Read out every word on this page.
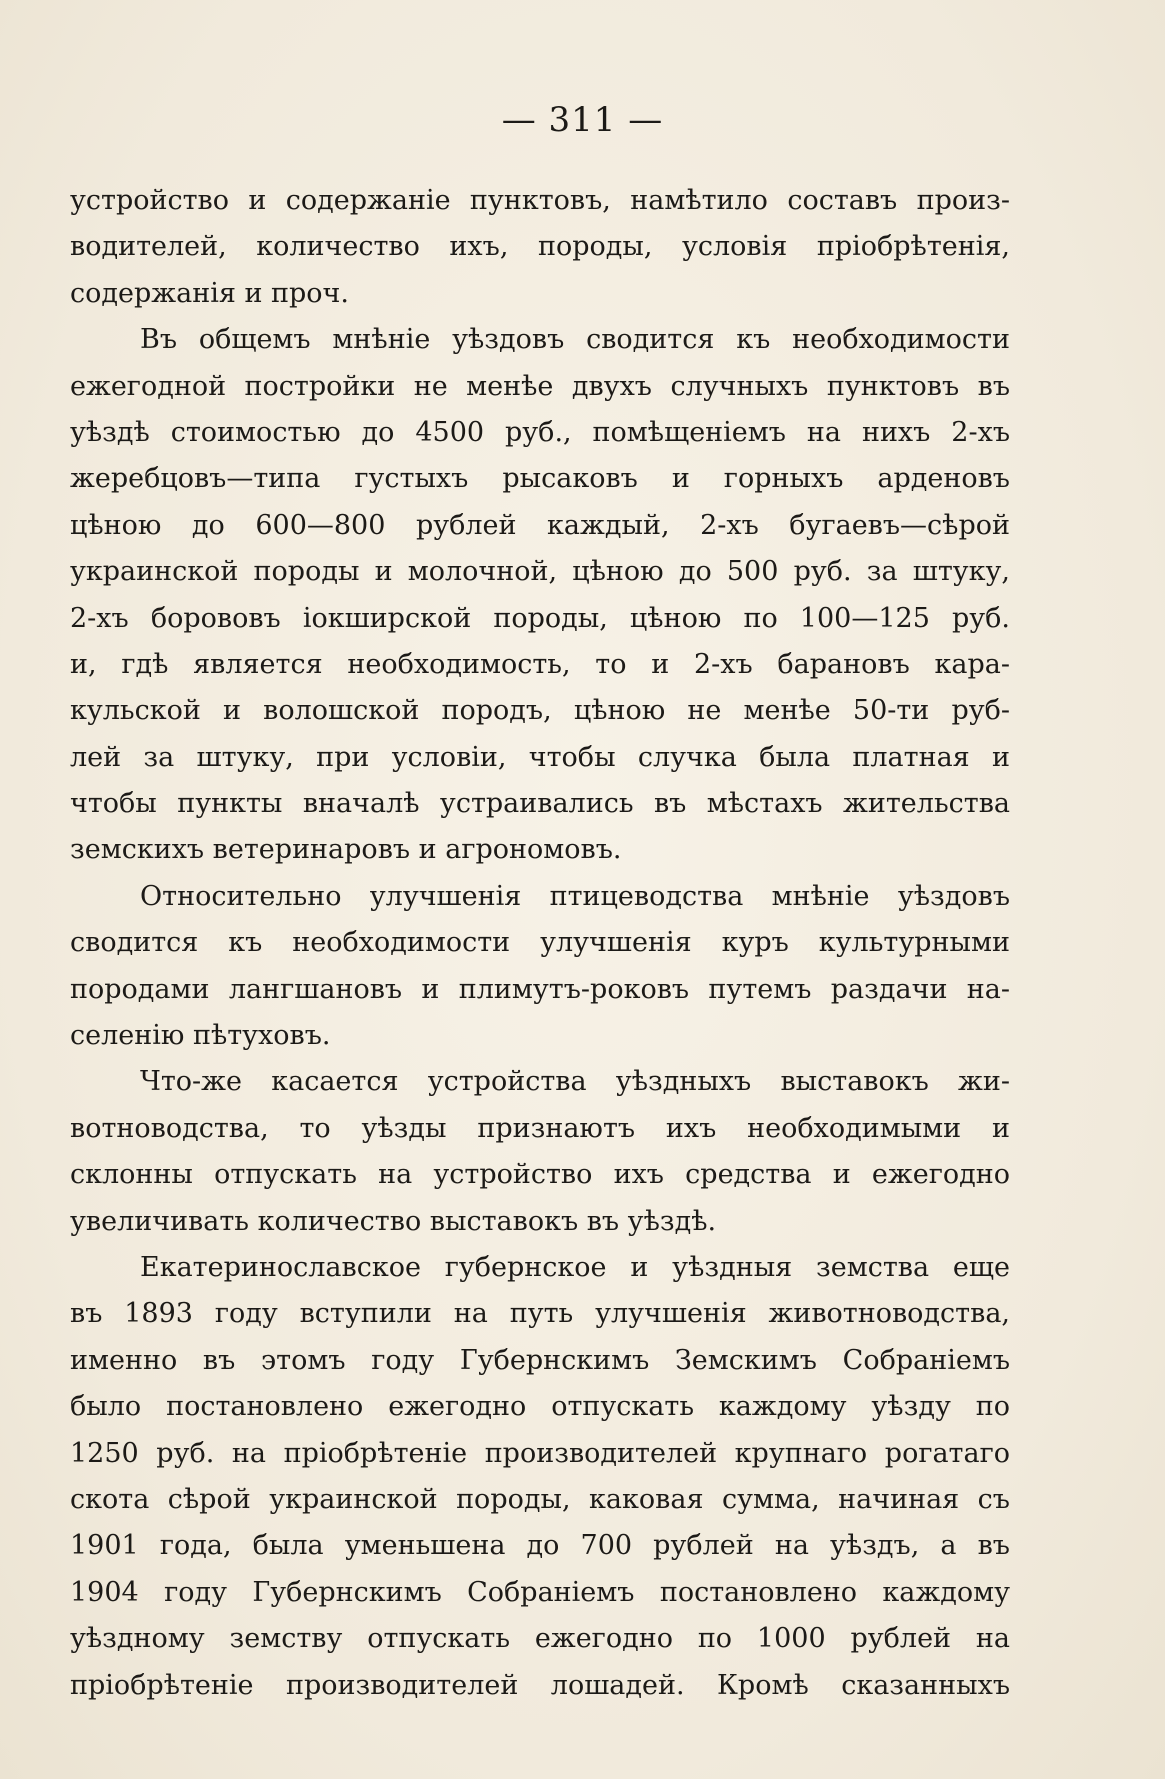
— 311 —
устройство и содержаніе пунктовъ, намѣтило составъ произ-
водителей, количество ихъ, породы, условія пріобрѣтенія,
содержанія и проч.
Въ общемъ мнѣніе уѣздовъ сводится къ необходимости
ежегодной постройки не менѣе двухъ случныхъ пунктовъ въ
уѣздѣ стоимостью до 4500 руб., помѣщеніемъ на нихъ 2-хъ
жеребцовъ—типа густыхъ рысаковъ и горныхъ арденовъ
цѣною до 600—800 рублей каждый, 2-хъ бугаевъ—сѣрой
украинской породы и молочной, цѣною до 500 руб. за штуку,
2-хъ борововъ іокширской породы, цѣною по 100—125 руб.
и, гдѣ является необходимость, то и 2-хъ барановъ кара-
кульской и волошской породъ, цѣною не менѣе 50-ти руб-
лей за штуку, при условіи, чтобы случка была платная и
чтобы пункты вначалѣ устраивались въ мѣстахъ жительства
земскихъ ветеринаровъ и агрономовъ.
Относительно улучшенія птицеводства мнѣніе уѣздовъ
сводится къ необходимости улучшенія куръ культурными
породами лангшановъ и плимутъ-роковъ путемъ раздачи на-
селенію пѣтуховъ.
Что-же касается устройства уѣздныхъ выставокъ жи-
вотноводства, то уѣзды признаютъ ихъ необходимыми и
склонны отпускать на устройство ихъ средства и ежегодно
увеличивать количество выставокъ въ уѣздѣ.
Екатеринославское губернское и уѣздныя земства еще
въ 1893 году вступили на путь улучшенія животноводства,
именно въ этомъ году Губернскимъ Земскимъ Собраніемъ
было постановлено ежегодно отпускать каждому уѣзду по
1250 руб. на пріобрѣтеніе производителей крупнаго рогатаго
скота сѣрой украинской породы, каковая сумма, начиная съ
1901 года, была уменьшена до 700 рублей на уѣздъ, а въ
1904 году Губернскимъ Собраніемъ постановлено каждому
уѣздному земству отпускать ежегодно по 1000 рублей на
пріобрѣтеніе производителей лошадей. Кромѣ сказанныхъ
